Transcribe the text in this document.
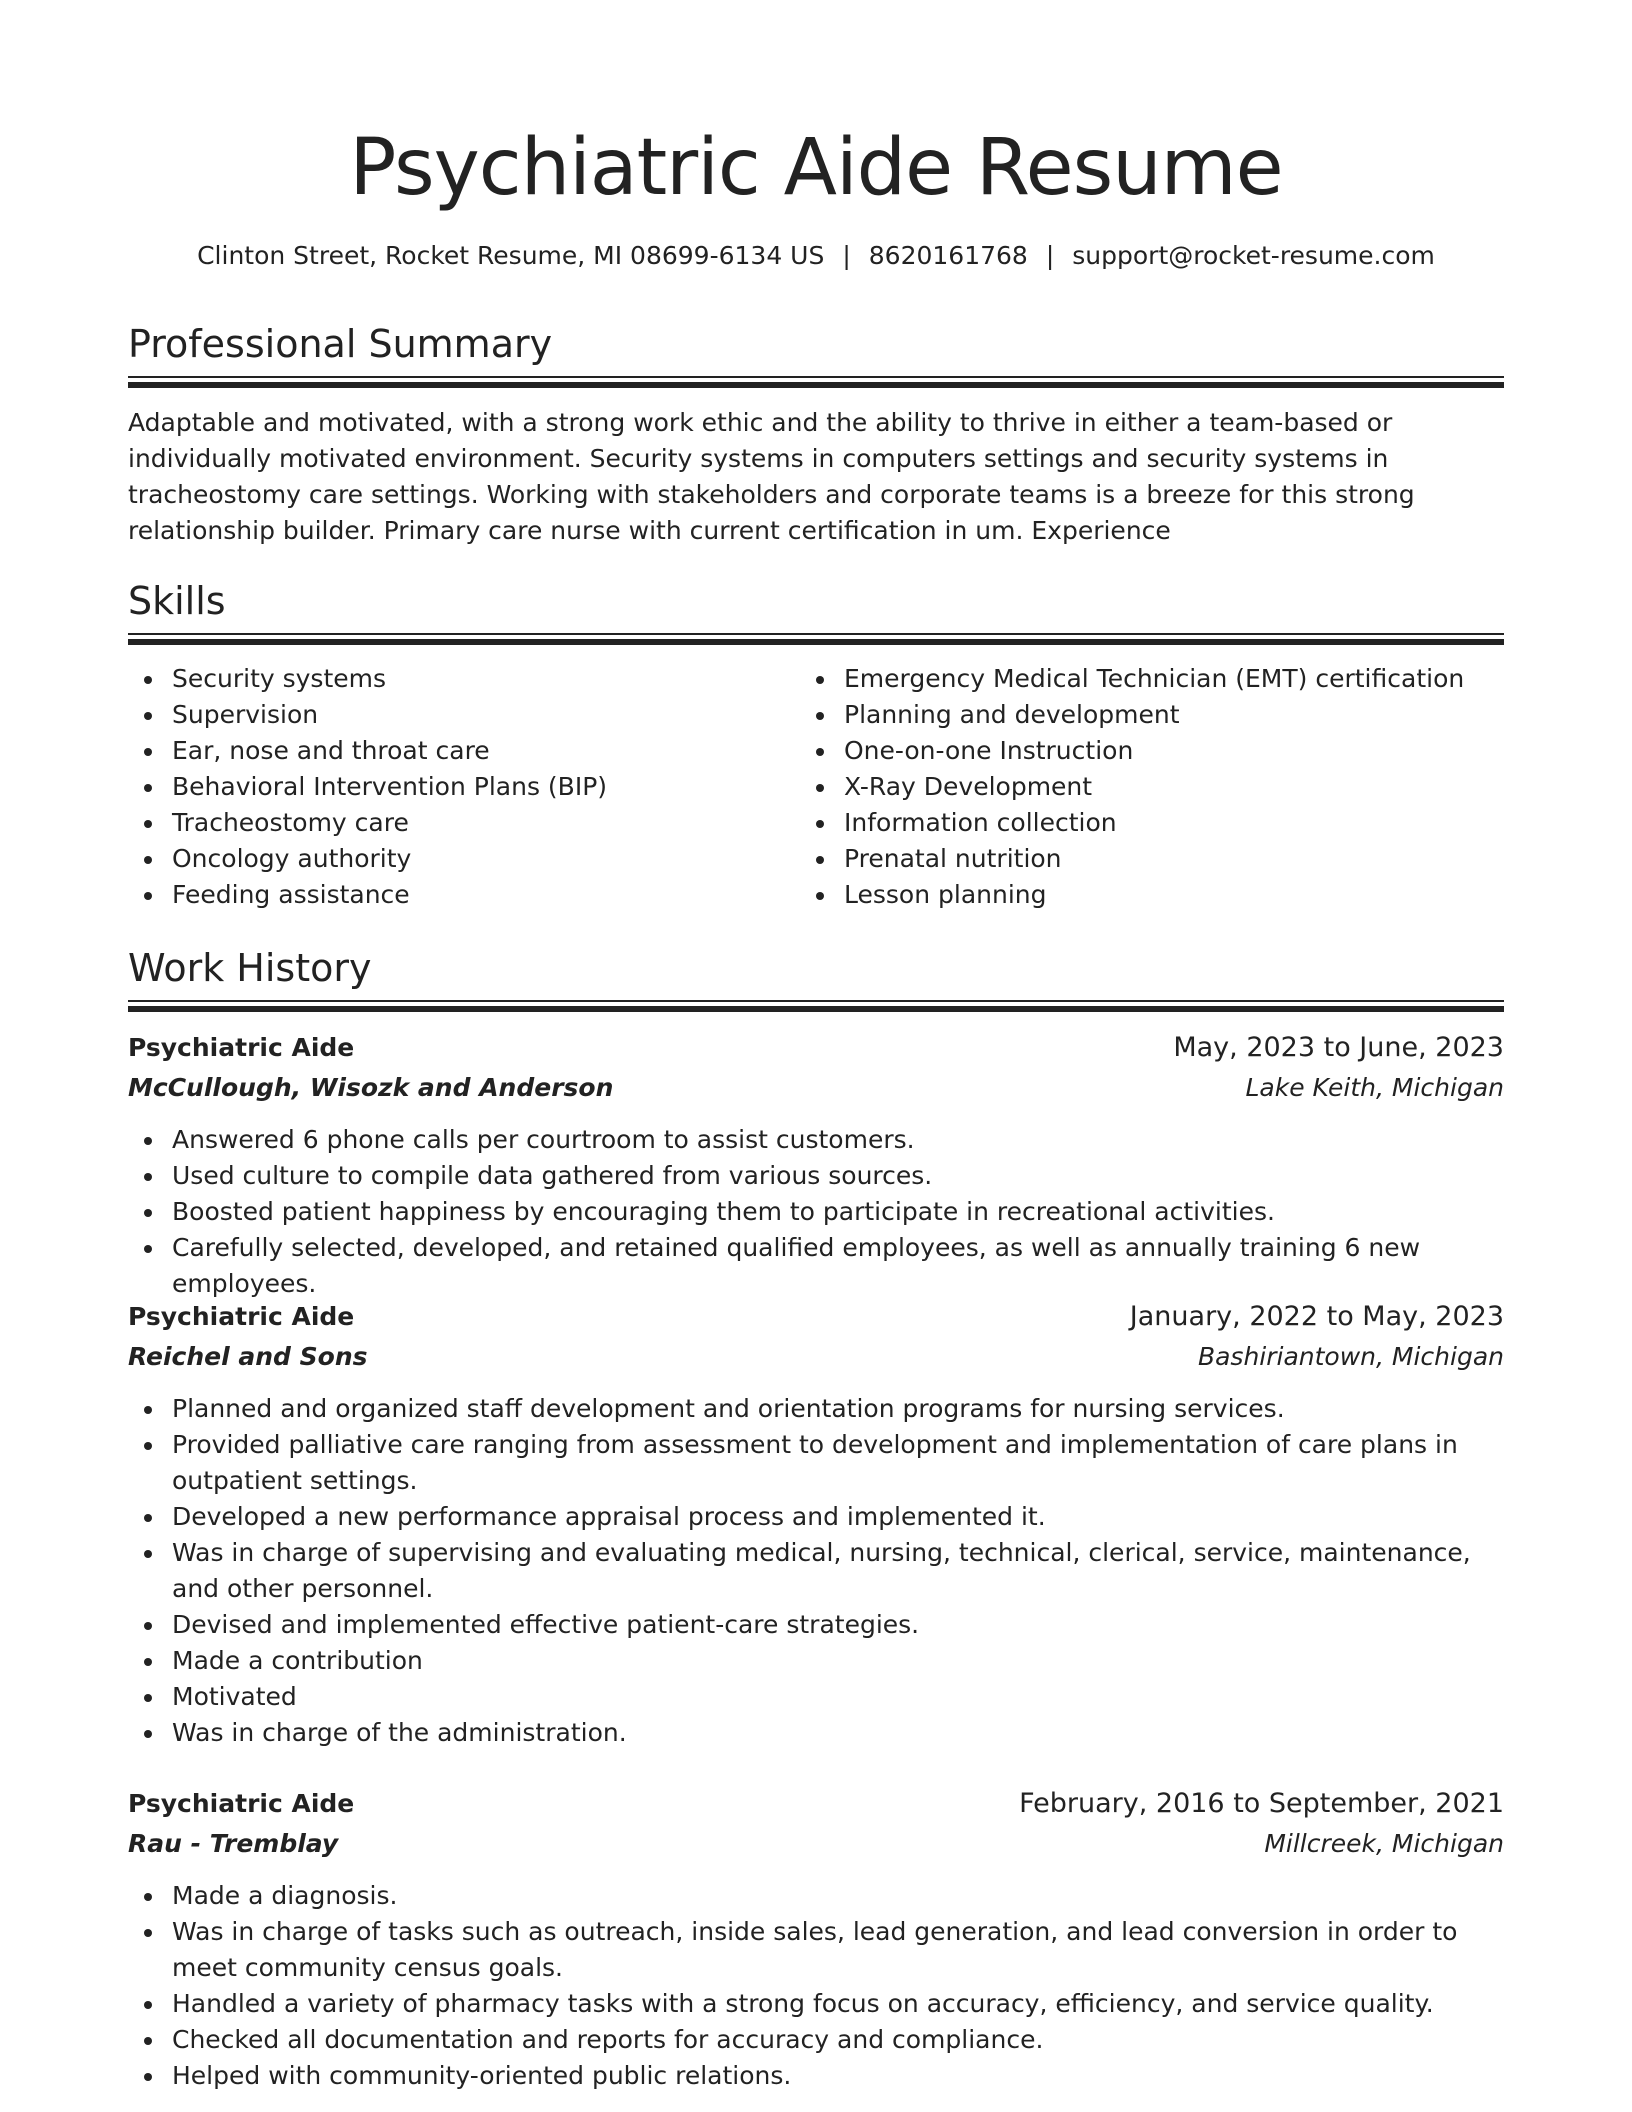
Psychiatric Aide Resume
Clinton Street, Rocket Resume, MI 08699-6134 US | 8620161768 | support@rocket-resume.com
Professional Summary

Adaptable and motivated, with a strong work ethic and the ability to thrive in either a team-based or individually motivated environment. Security systems in computers settings and security systems in tracheostomy care settings. Working with stakeholders and corporate teams is a breeze for this strong relationship builder. Primary care nurse with current certification in um. Experience

Skills
Security systems
Supervision
Ear, nose and throat care
Behavioral Intervention Plans (BIP)
Tracheostomy care
Oncology authority
Feeding assistance
Emergency Medical Technician (EMT) certification
Planning and development
One-on-one Instruction
X-Ray Development
Information collection
Prenatal nutrition
Lesson planning
Work History
Psychiatric Aide	May, 2023 to June, 2023
McCullough, Wisozk and Anderson	Lake Keith, Michigan
Answered 6 phone calls per courtroom to assist customers.
Used culture to compile data gathered from various sources.
Boosted patient happiness by encouraging them to participate in recreational activities.
Carefully selected, developed, and retained qualified employees, as well as annually training 6 new employees.
Psychiatric Aide	January, 2022 to May, 2023
Reichel and Sons	Bashiriantown, Michigan
Planned and organized staff development and orientation programs for nursing services.
Provided palliative care ranging from assessment to development and implementation of care plans in outpatient settings.
Developed a new performance appraisal process and implemented it.
Was in charge of supervising and evaluating medical, nursing, technical, clerical, service, maintenance, and other personnel.
Devised and implemented effective patient-care strategies.
Made a contribution
Motivated
Was in charge of the administration.
Psychiatric Aide	February, 2016 to September, 2021
Rau - Tremblay	Millcreek, Michigan
Made a diagnosis.
Was in charge of tasks such as outreach, inside sales, lead generation, and lead conversion in order to meet community census goals.
Handled a variety of pharmacy tasks with a strong focus on accuracy, efficiency, and service quality.
Checked all documentation and reports for accuracy and compliance.
Helped with community-oriented public relations.
